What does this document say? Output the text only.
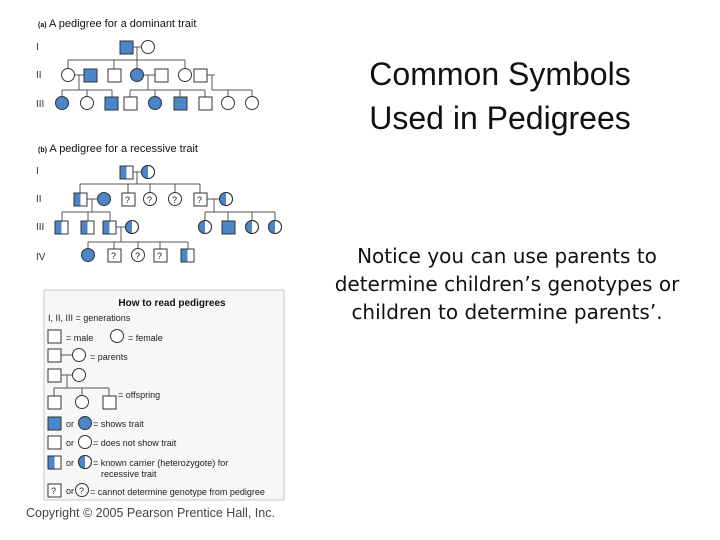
(a) A pedigree for a dominant trait
I
II
III
(b) A pedigree for a recessive trait
I
II
III
IV
? ? ? ?
? ? ?
How to read pedigrees
I, II, III = generations
= male	= female
= parents
= offspring
or = shows trait
or = does not show trait
or = known carrier (heterozygote) for
recessive trait
? or ? = cannot determine genotype from pedigree
Copyright © 2005 Pearson Prentice Hall, Inc.
Common Symbols
Used in Pedigrees
Notice you can use parents to determine children’s genotypes or children to determine parents’.
